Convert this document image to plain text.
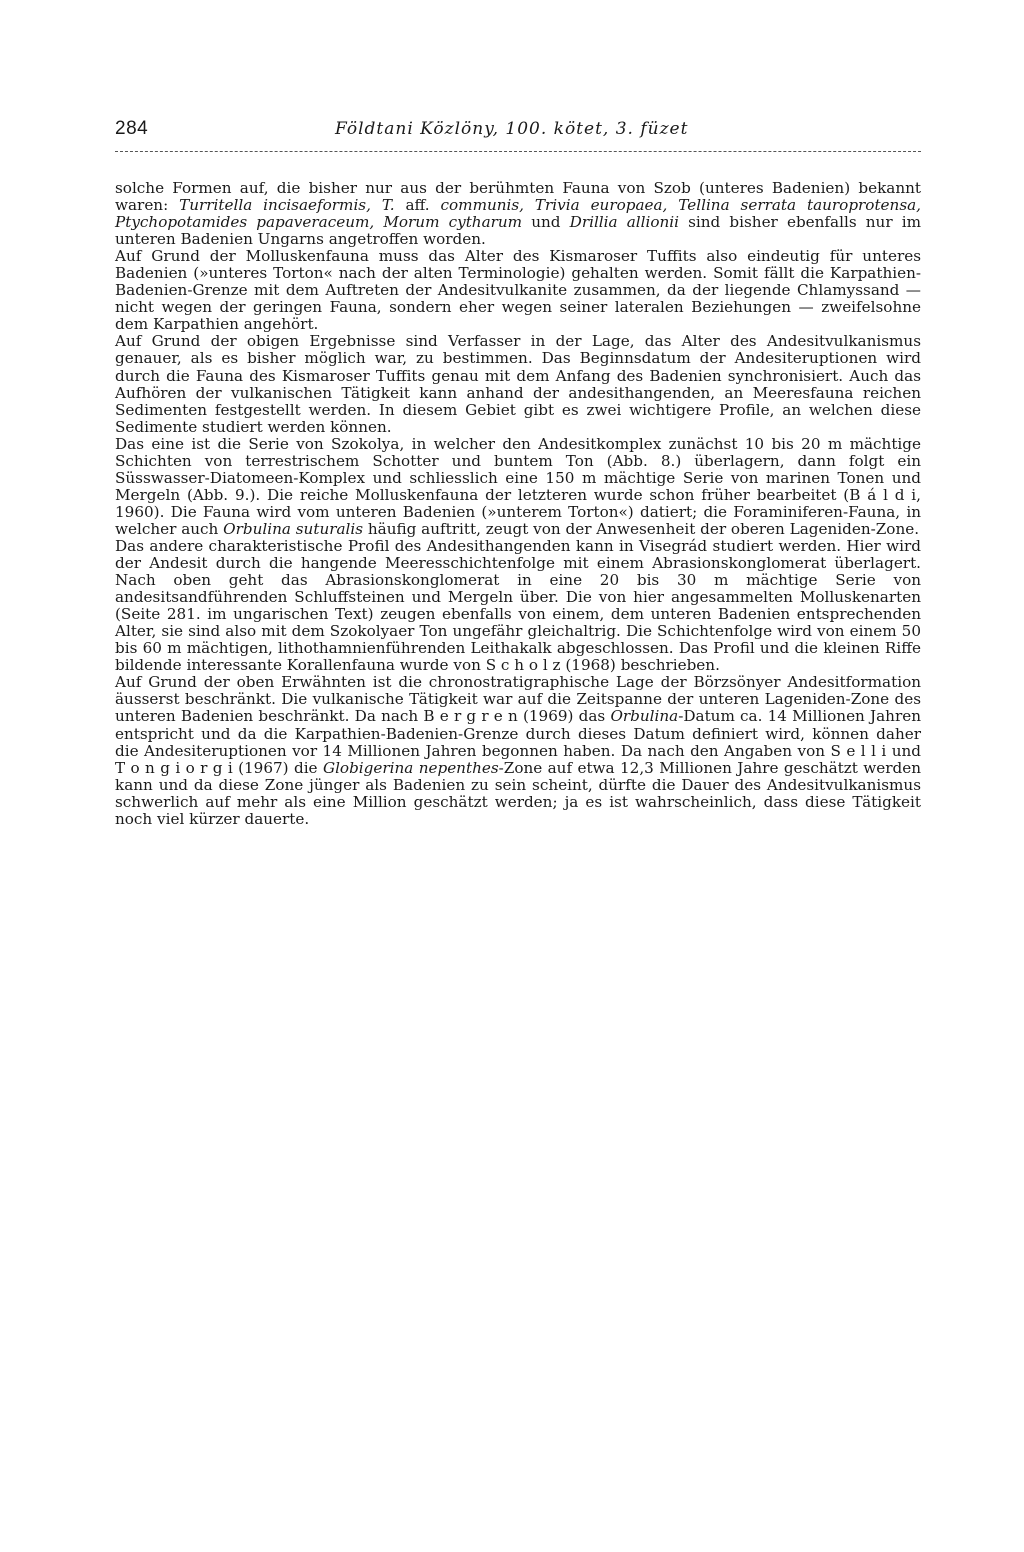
284	Földtani Közlöny, 100. kötet, 3. füzet

solche Formen auf, die bisher nur aus der berühmten Fauna von Szob (unteres Badenien) bekannt waren: Turritella incisaeformis, T. aff. communis, Trivia europaea, Tellina serrata tauroprotensa, Ptychopotamides papaveraceum, Morum cytharum und Drillia allionii sind bisher ebenfalls nur im unteren Badenien Ungarns angetroffen worden.

Auf Grund der Molluskenfauna muss das Alter des Kismaroser Tuffits also eindeutig für unteres Badenien (»unteres Torton« nach der alten Terminologie) gehalten werden. Somit fällt die Karpathien-Badenien-Grenze mit dem Auftreten der Andesitvulkanite zusammen, da der liegende Chlamyssand — nicht wegen der geringen Fauna, sondern eher wegen seiner lateralen Beziehungen — zweifelsohne dem Karpathien angehört.

Auf Grund der obigen Ergebnisse sind Verfasser in der Lage, das Alter des Andesitvulkanismus genauer, als es bisher möglich war, zu bestimmen. Das Beginnsdatum der Andesiteruptionen wird durch die Fauna des Kismaroser Tuffits genau mit dem Anfang des Badenien synchronisiert. Auch das Aufhören der vulkanischen Tätigkeit kann anhand der andesithangenden, an Meeresfauna reichen Sedimenten festgestellt werden. In diesem Gebiet gibt es zwei wichtigere Profile, an welchen diese Sedimente studiert werden können.

Das eine ist die Serie von Szokolya, in welcher den Andesitkomplex zunächst 10 bis 20 m mächtige Schichten von terrestrischem Schotter und buntem Ton (Abb. 8.) überlagern, dann folgt ein Süsswasser-Diatomeen-Komplex und schliesslich eine 150 m mächtige Serie von marinen Tonen und Mergeln (Abb. 9.). Die reiche Molluskenfauna der letzteren wurde schon früher bearbeitet (B á l d i, 1960). Die Fauna wird vom unteren Badenien (»unterem Torton«) datiert; die Foraminiferen-Fauna, in welcher auch Orbulina suturalis häufig auftritt, zeugt von der Anwesenheit der oberen Lageniden-Zone.

Das andere charakteristische Profil des Andesithangenden kann in Visegrád studiert werden. Hier wird der Andesit durch die hangende Meeresschichtenfolge mit einem Abrasionskonglomerat überlagert. Nach oben geht das Abrasionskonglomerat in eine 20 bis 30 m mächtige Serie von andesitsandführenden Schluffsteinen und Mergeln über. Die von hier angesammelten Molluskenarten (Seite 281. im ungarischen Text) zeugen ebenfalls von einem, dem unteren Badenien entsprechenden Alter, sie sind also mit dem Szokolyaer Ton ungefähr gleichaltrig. Die Schichtenfolge wird von einem 50 bis 60 m mächtigen, lithothamnienführenden Leithakalk abgeschlossen. Das Profil und die kleinen Riffe bildende interessante Korallenfauna wurde von S c h o l z (1968) beschrieben.

Auf Grund der oben Erwähnten ist die chronostratigraphische Lage der Börzsönyer Andesitformation äusserst beschränkt. Die vulkanische Tätigkeit war auf die Zeitspanne der unteren Lageniden-Zone des unteren Badenien beschränkt. Da nach B e r g r e n (1969) das Orbulina-Datum ca. 14 Millionen Jahren entspricht und da die Karpathien-Badenien-Grenze durch dieses Datum definiert wird, können daher die Andesiteruptionen vor 14 Millionen Jahren begonnen haben. Da nach den Angaben von S e l l i und T o n g i o r g i (1967) die Globigerina nepenthes-Zone auf etwa 12,3 Millionen Jahre geschätzt werden kann und da diese Zone jünger als Badenien zu sein scheint, dürfte die Dauer des Andesitvulkanismus schwerlich auf mehr als eine Million geschätzt werden; ja es ist wahrscheinlich, dass diese Tätigkeit noch viel kürzer dauerte.
